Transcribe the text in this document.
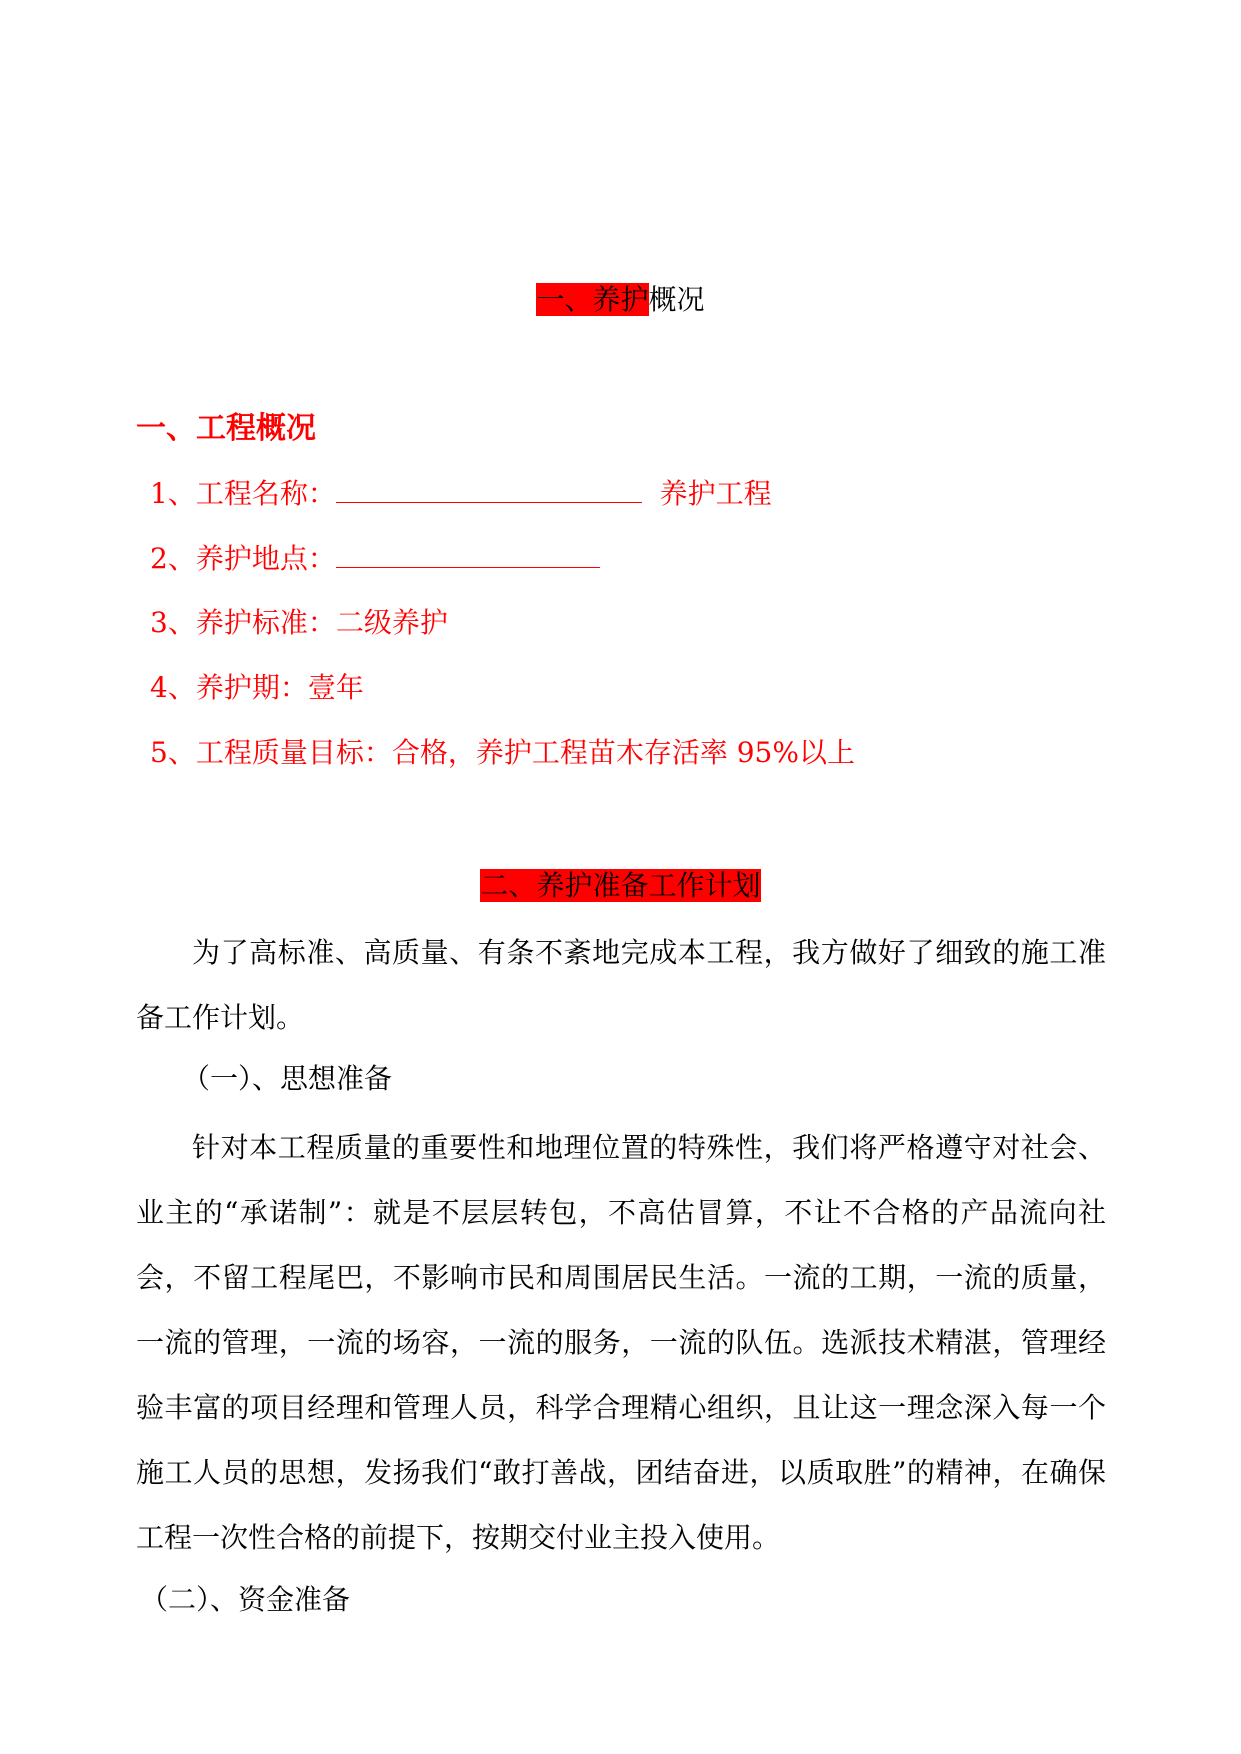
一、养护概况
一、工程概况
1、工程名称：	养护工程
2、养护地点：
3、养护标准：二级养护
4、养护期：壹年
5、工程质量目标：合格，养护工程苗木存活率 95%以上
二、养护准备工作计划
为了高标准、高质量、有条不紊地完成本工程，我方做好了细致的施工准备工作计划。
（一）、思想准备
针对本工程质量的重要性和地理位置的特殊性，我们将严格遵守对社会、业主的“承诺制”：就是不层层转包，不高估冒算，不让不合格的产品流向社会，不留工程尾巴，不影响市民和周围居民生活。一流的工期，一流的质量，一流的管理，一流的场容，一流的服务，一流的队伍。选派技术精湛，管理经验丰富的项目经理和管理人员，科学合理精心组织，且让这一理念深入每一个施工人员的思想，发扬我们“敢打善战，团结奋进，以质取胜”的精神，在确保工程一次性合格的前提下，按期交付业主投入使用。
（二）、资金准备
